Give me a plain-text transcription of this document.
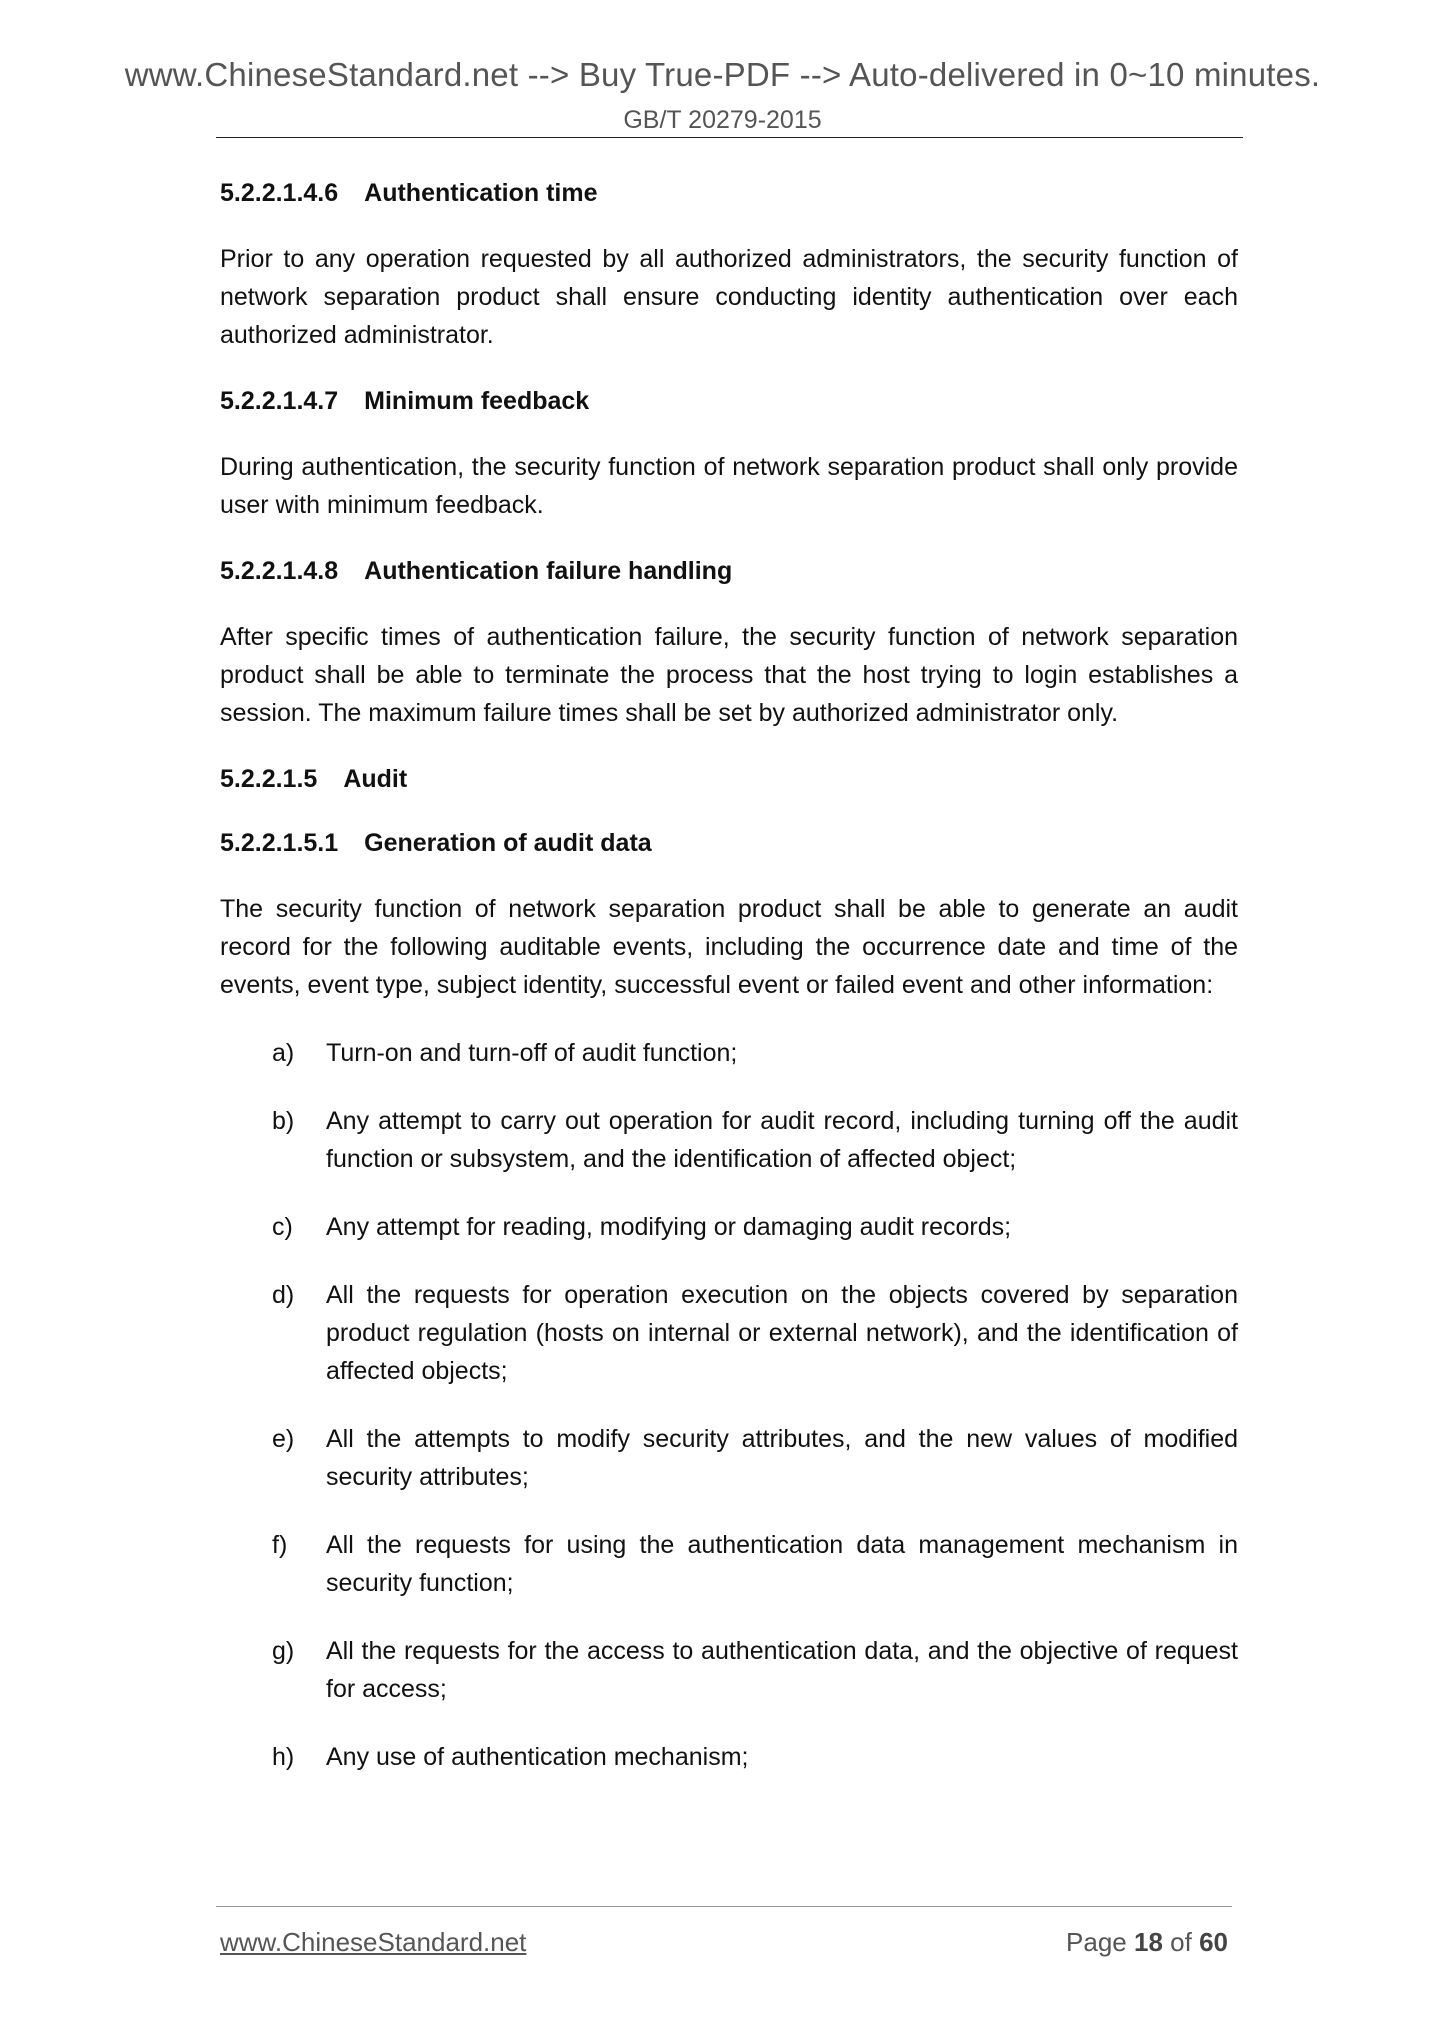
www.ChineseStandard.net --> Buy True-PDF --> Auto-delivered in 0~10 minutes.
GB/T 20279-2015
5.2.2.1.4.6 Authentication time
Prior to any operation requested by all authorized administrators, the security function of network separation product shall ensure conducting identity authentication over each authorized administrator.
5.2.2.1.4.7 Minimum feedback
During authentication, the security function of network separation product shall only provide user with minimum feedback.
5.2.2.1.4.8 Authentication failure handling
After specific times of authentication failure, the security function of network separation product shall be able to terminate the process that the host trying to login establishes a session. The maximum failure times shall be set by authorized administrator only.
5.2.2.1.5 Audit
5.2.2.1.5.1 Generation of audit data
The security function of network separation product shall be able to generate an audit record for the following auditable events, including the occurrence date and time of the events, event type, subject identity, successful event or failed event and other information:
a) Turn-on and turn-off of audit function;
b) Any attempt to carry out operation for audit record, including turning off the audit function or subsystem, and the identification of affected object;
c) Any attempt for reading, modifying or damaging audit records;
d) All the requests for operation execution on the objects covered by separation product regulation (hosts on internal or external network), and the identification of affected objects;
e) All the attempts to modify security attributes, and the new values of modified security attributes;
f) All the requests for using the authentication data management mechanism in security function;
g) All the requests for the access to authentication data, and the objective of request for access;
h) Any use of authentication mechanism;
www.ChineseStandard.net	Page 18 of 60
